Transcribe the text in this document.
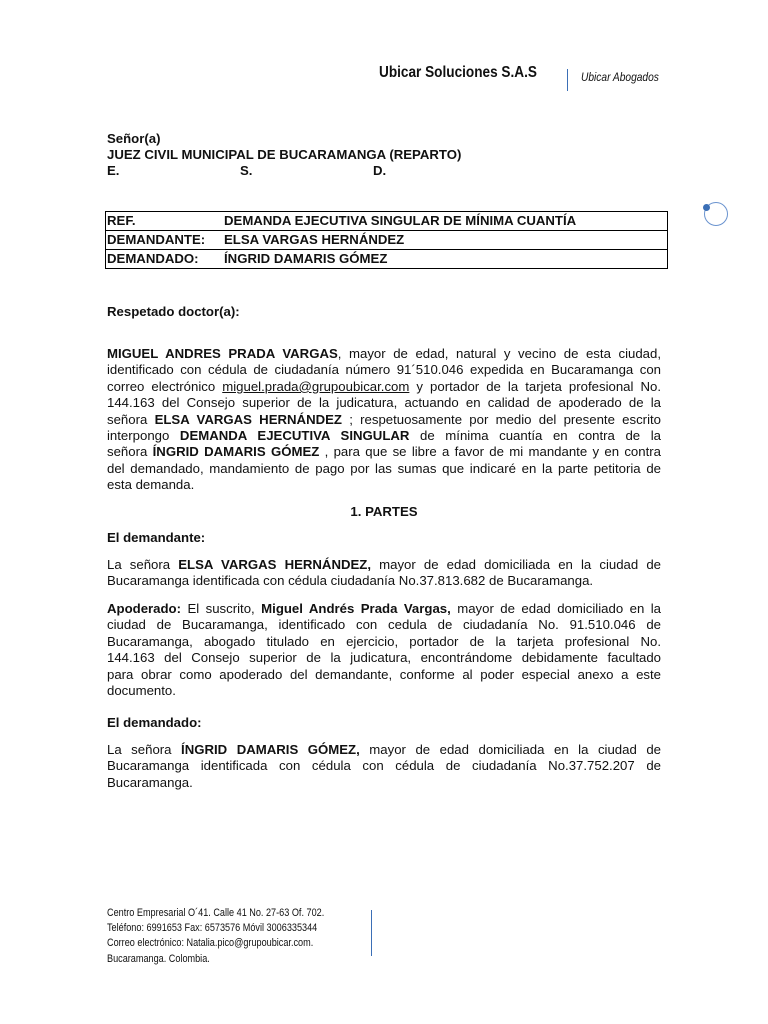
Ubicar Soluciones S.A.S	Ubicar Abogados
Señor(a)
JUEZ CIVIL MUNICIPAL DE BUCARAMANGA (REPARTO)
E.	S.	D.
REF.	DEMANDA EJECUTIVA SINGULAR DE MÍNIMA CUANTÍA
DEMANDANTE:	ELSA VARGAS HERNÁNDEZ
DEMANDADO:	ÍNGRID DAMARIS GÓMEZ
Respetado doctor(a):
MIGUEL ANDRES PRADA VARGAS, mayor de edad, natural y vecino de esta ciudad,
identificado con cédula de ciudadanía número 91´510.046 expedida en Bucaramanga con
correo electrónico miguel.prada@grupoubicar.com y portador de la tarjeta profesional No.
144.163 del Consejo superior de la judicatura, actuando en calidad de apoderado de la
señora ELSA VARGAS HERNÁNDEZ ; respetuosamente por medio del presente escrito
interpongo DEMANDA EJECUTIVA SINGULAR de mínima cuantía en contra de la
señora ÍNGRID DAMARIS GÓMEZ , para que se libre a favor de mi mandante y en contra
del demandado, mandamiento de pago por las sumas que indicaré en la parte petitoria de
esta demanda.
1. PARTES
El demandante:
La señora ELSA VARGAS HERNÁNDEZ, mayor de edad domiciliada en la ciudad de
Bucaramanga identificada con cédula ciudadanía No.37.813.682 de Bucaramanga.
Apoderado: El suscrito, Miguel Andrés Prada Vargas, mayor de edad domiciliado en la
ciudad de Bucaramanga, identificado con cedula de ciudadanía No. 91.510.046 de
Bucaramanga, abogado titulado en ejercicio, portador de la tarjeta profesional No.
144.163 del Consejo superior de la judicatura, encontrándome debidamente facultado
para obrar como apoderado del demandante, conforme al poder especial anexo a este
documento.
El demandado:
La señora ÍNGRID DAMARIS GÓMEZ, mayor de edad domiciliada en la ciudad de
Bucaramanga identificada con cédula con cédula de ciudadanía No.37.752.207 de
Bucaramanga.
Centro Empresarial O´41. Calle 41 No. 27-63 Of. 702.
Teléfono: 6991653 Fax: 6573576 Móvil 3006335344
Correo electrónico: Natalia.pico@grupoubicar.com.
Bucaramanga. Colombia.
